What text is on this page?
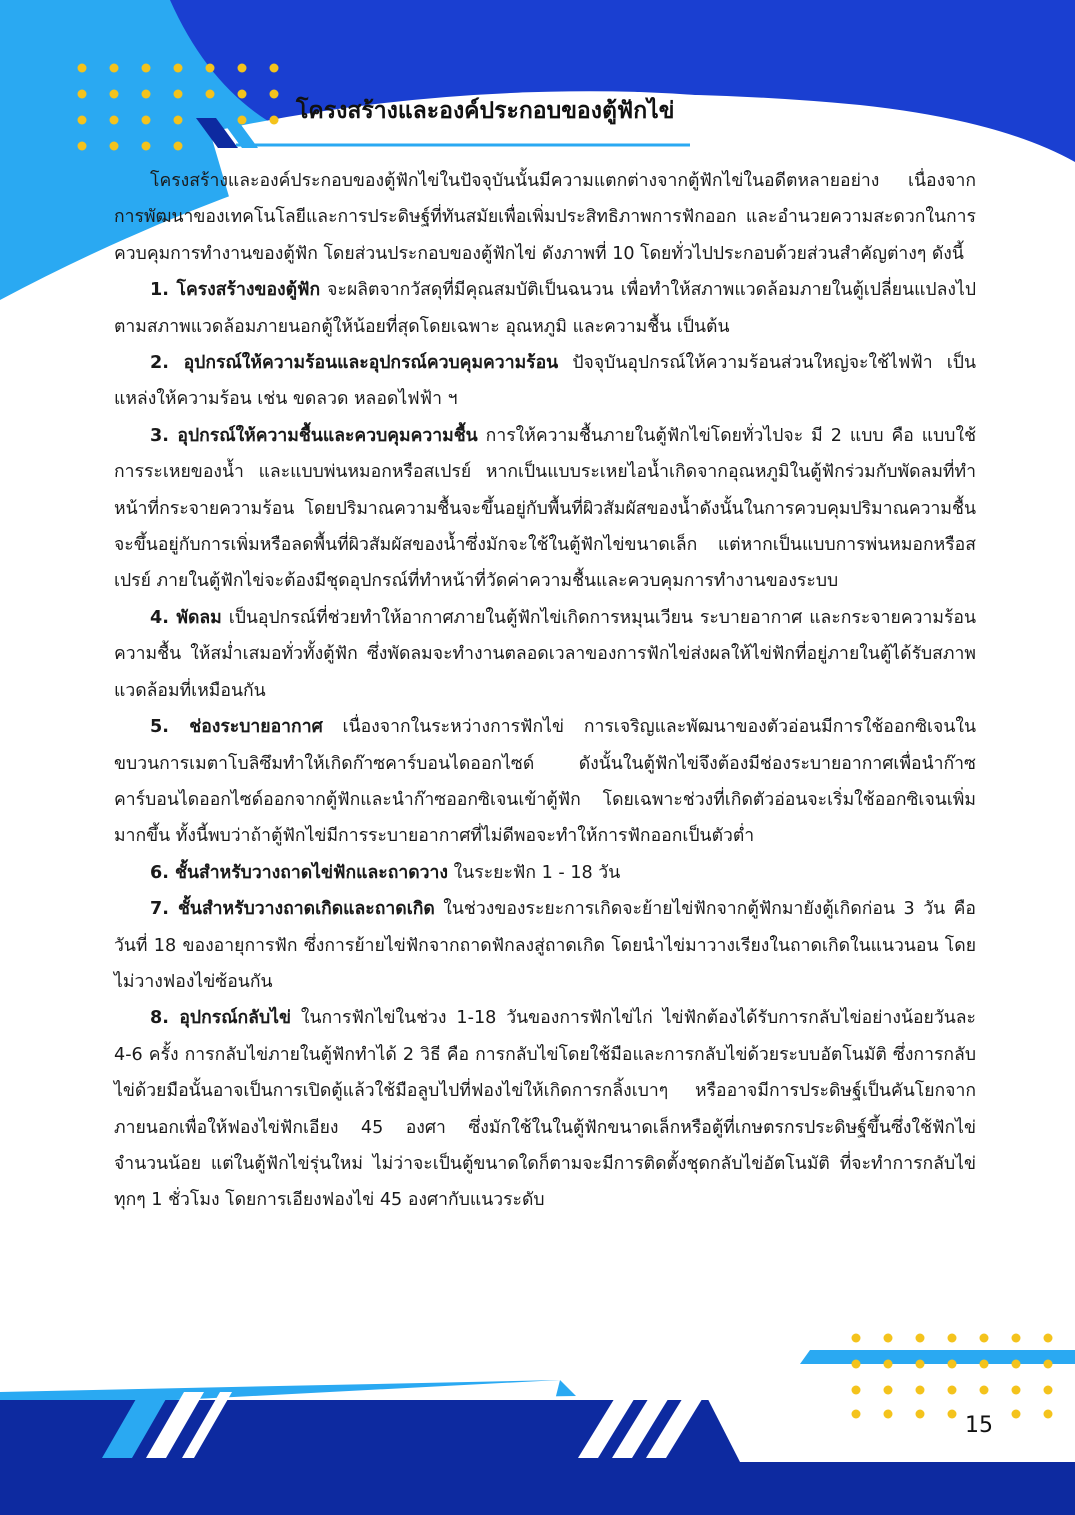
โครงสร้างและองค์ประกอบของตู้ฟักไข่

โครงสร้างและองค์ประกอบของตู้ฟักไข่ในปัจจุบันนั้นมีความแตกต่างจากตู้ฟักไข่ในอดีตหลายอย่าง เนื่องจากการพัฒนาของเทคโนโลยีและการประดิษฐ์ที่ทันสมัยเพื่อเพิ่มประสิทธิภาพการฟักออก และอำนวยความสะดวกในการควบคุมการทำงานของตู้ฟัก โดยส่วนประกอบของตู้ฟักไข่ ดังภาพที่ 10 โดยทั่วไปประกอบด้วยส่วนสำคัญต่างๆ ดังนี้

1. โครงสร้างของตู้ฟัก จะผลิตจากวัสดุที่มีคุณสมบัติเป็นฉนวน เพื่อทำให้สภาพแวดล้อมภายในตู้เปลี่ยนแปลงไปตามสภาพแวดล้อมภายนอกตู้ให้น้อยที่สุดโดยเฉพาะ อุณหภูมิ และความชื้น เป็นต้น

2. อุปกรณ์ให้ความร้อนและอุปกรณ์ควบคุมความร้อน ปัจจุบันอุปกรณ์ให้ความร้อนส่วนใหญ่จะใช้ไฟฟ้า เป็นแหล่งให้ความร้อน เช่น ขดลวด หลอดไฟฟ้า ฯ

3. อุปกรณ์ให้ความชื้นและควบคุมความชื้น การให้ความชื้นภายในตู้ฟักไข่โดยทั่วไปจะ มี 2 แบบ คือ แบบใช้การระเหยของน้ำ และแบบพ่นหมอกหรือสเปรย์ หากเป็นแบบระเหยไอน้ำเกิดจากอุณหภูมิในตู้ฟักร่วมกับพัดลมที่ทำหน้าที่กระจายความร้อน โดยปริมาณความชื้นจะขึ้นอยู่กับพื้นที่ผิวสัมผัสของน้ำดังนั้นในการควบคุมปริมาณความชื้นจะขึ้นอยู่กับการเพิ่มหรือลดพื้นที่ผิวสัมผัสของน้ำซึ่งมักจะใช้ในตู้ฟักไข่ขนาดเล็ก แต่หากเป็นแบบการพ่นหมอกหรือสเปรย์ ภายในตู้ฟักไข่จะต้องมีชุดอุปกรณ์ที่ทำหน้าที่วัดค่าความชื้นและควบคุมการทำงานของระบบ

4. พัดลม เป็นอุปกรณ์ที่ช่วยทำให้อากาศภายในตู้ฟักไข่เกิดการหมุนเวียน ระบายอากาศ และกระจายความร้อน ความชื้น ให้สม่ำเสมอทั่วทั้งตู้ฟัก ซึ่งพัดลมจะทำงานตลอดเวลาของการฟักไข่ส่งผลให้ไข่ฟักที่อยู่ภายในตู้ได้รับสภาพแวดล้อมที่เหมือนกัน

5. ช่องระบายอากาศ เนื่องจากในระหว่างการฟักไข่ การเจริญและพัฒนาของตัวอ่อนมีการใช้ออกซิเจนในขบวนการเมตาโบลิซึมทำให้เกิดก๊าซคาร์บอนไดออกไซด์ ดังนั้นในตู้ฟักไข่จึงต้องมีช่องระบายอากาศเพื่อนำก๊าซคาร์บอนไดออกไซด์ออกจากตู้ฟักและนำก๊าซออกซิเจนเข้าตู้ฟัก โดยเฉพาะช่วงที่เกิดตัวอ่อนจะเริ่มใช้ออกซิเจนเพิ่มมากขึ้น ทั้งนี้พบว่าถ้าตู้ฟักไข่มีการระบายอากาศที่ไม่ดีพอจะทำให้การฟักออกเป็นตัวต่ำ

6. ชั้นสำหรับวางถาดไข่ฟักและถาดวาง ในระยะฟัก 1 - 18 วัน

7. ชั้นสำหรับวางถาดเกิดและถาดเกิด ในช่วงของระยะการเกิดจะย้ายไข่ฟักจากตู้ฟักมายังตู้เกิดก่อน 3 วัน คือวันที่ 18 ของอายุการฟัก ซึ่งการย้ายไข่ฟักจากถาดฟักลงสู่ถาดเกิด โดยนำไข่มาวางเรียงในถาดเกิดในแนวนอน โดยไม่วางฟองไข่ซ้อนกัน

8. อุปกรณ์กลับไข่ ในการฟักไข่ในช่วง 1-18 วันของการฟักไข่ไก่ ไข่ฟักต้องได้รับการกลับไข่อย่างน้อยวันละ 4-6 ครั้ง การกลับไข่ภายในตู้ฟักทำได้ 2 วิธี คือ การกลับไข่โดยใช้มือและการกลับไข่ด้วยระบบอัตโนมัติ ซึ่งการกลับไข่ด้วยมือนั้นอาจเป็นการเปิดตู้แล้วใช้มือลูบไปที่ฟองไข่ให้เกิดการกลิ้งเบาๆ หรืออาจมีการประดิษฐ์เป็นคันโยกจากภายนอกเพื่อให้ฟองไข่ฟักเอียง 45 องศา ซึ่งมักใช้ในในตู้ฟักขนาดเล็กหรือตู้ที่เกษตรกรประดิษฐ์ขึ้นซึ่งใช้ฟักไข่จำนวนน้อย แต่ในตู้ฟักไข่รุ่นใหม่ ไม่ว่าจะเป็นตู้ขนาดใดก็ตามจะมีการติดตั้งชุดกลับไข่อัตโนมัติ ที่จะทำการกลับไข่ทุกๆ 1 ชั่วโมง โดยการเอียงฟองไข่ 45 องศากับแนวระดับ

15
